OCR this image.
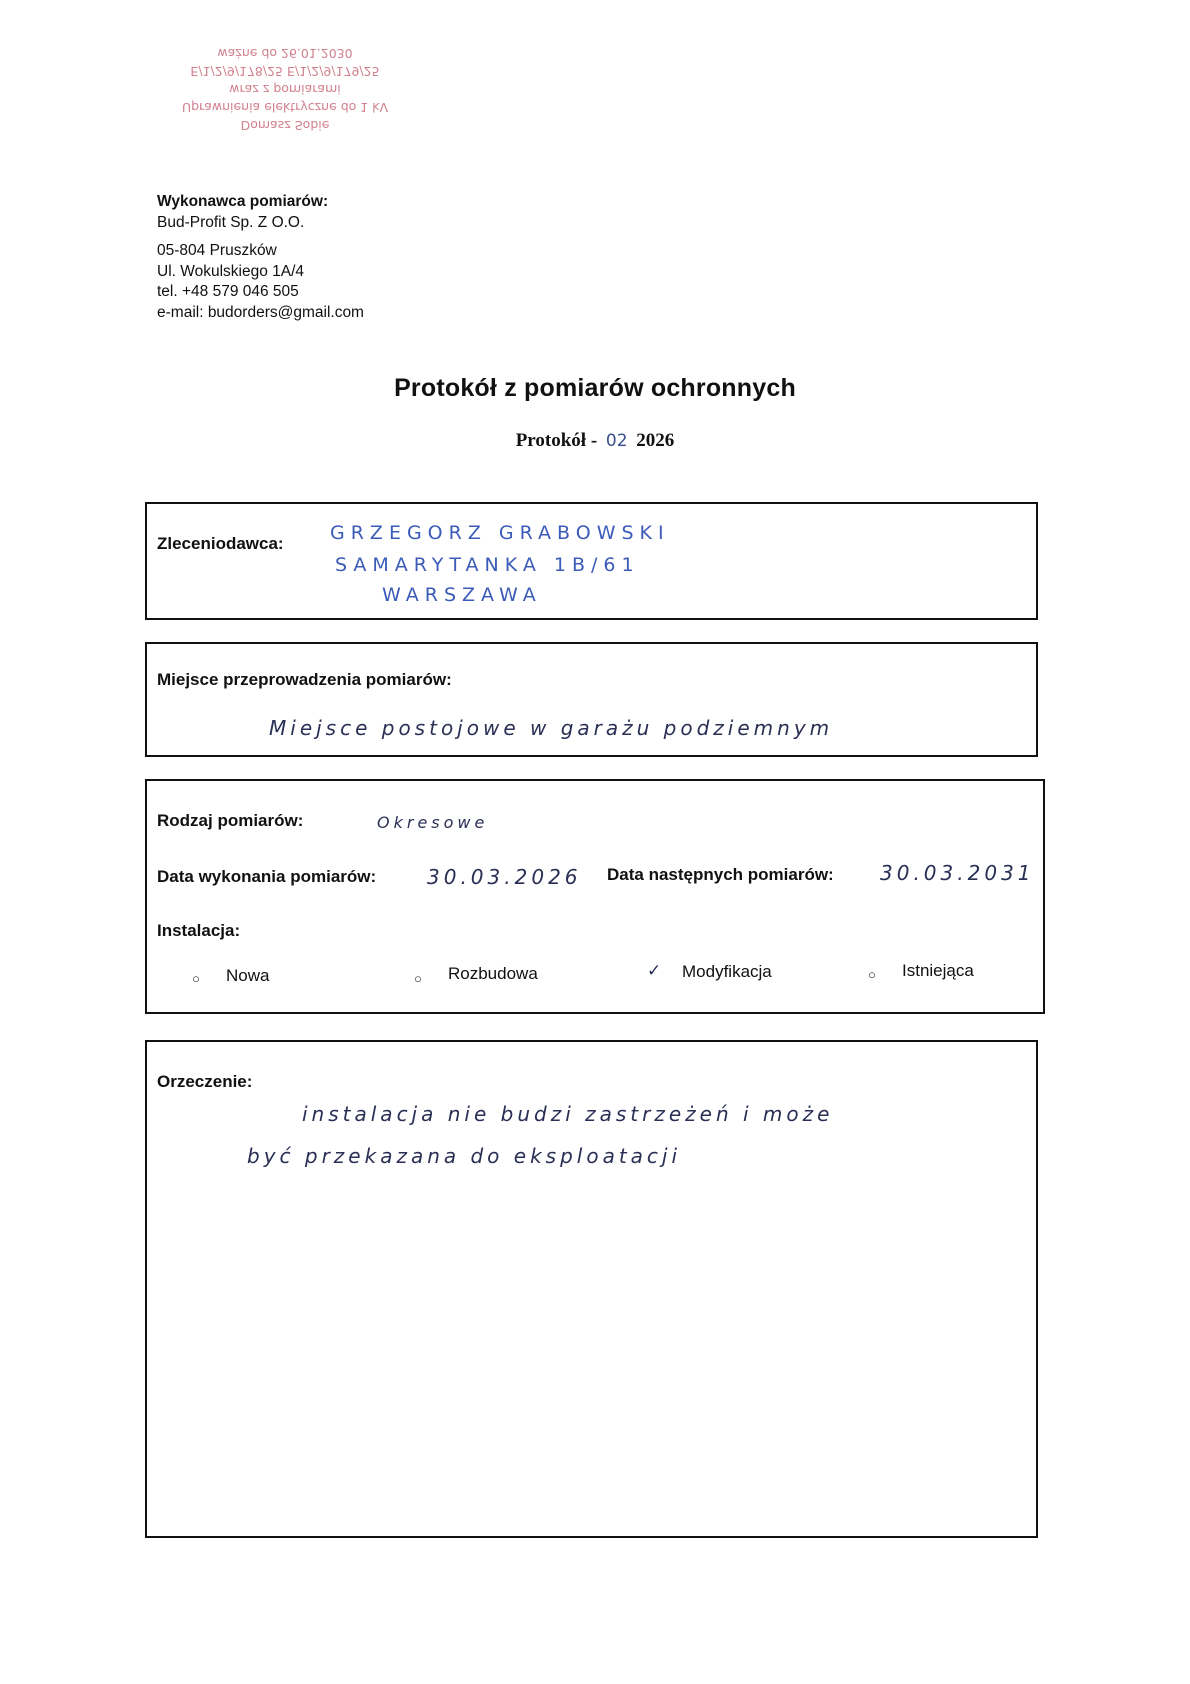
Domasz Sobie
Uprawnienia elektryczne do 1 kV
wraz z pomiarami
E/1/2/9/178/25 E/1/2/9/179/25
ważne do 26.01.2030
Wykonawca pomiarów:
Bud-Profit Sp. Z O.O.
05-804 Pruszków
Ul. Wokulskiego 1A/4
tel. +48 579 046 505
e-mail: budorders@gmail.com
Protokół z pomiarów ochronnych
Protokół - 02 2026
Zleceniodawca: GRZEGORZ GRABOWSKI
SAMARYTANKA 1B/61
WARSZAWA
Miejsce przeprowadzenia pomiarów:
Miejsce postojowe w garażu podziemnym
Rodzaj pomiarów:	Okresowe
Data wykonania pomiarów:	30.03.2026 Data następnych pomiarów: 30.03.2031
Instalacja:
○ Nowa	○ Rozbudowa	✓ Modyfikacja	○ Istniejąca
Orzeczenie:
instalacja nie budzi zastrzeżeń i może
być przekazana do eksploatacji
